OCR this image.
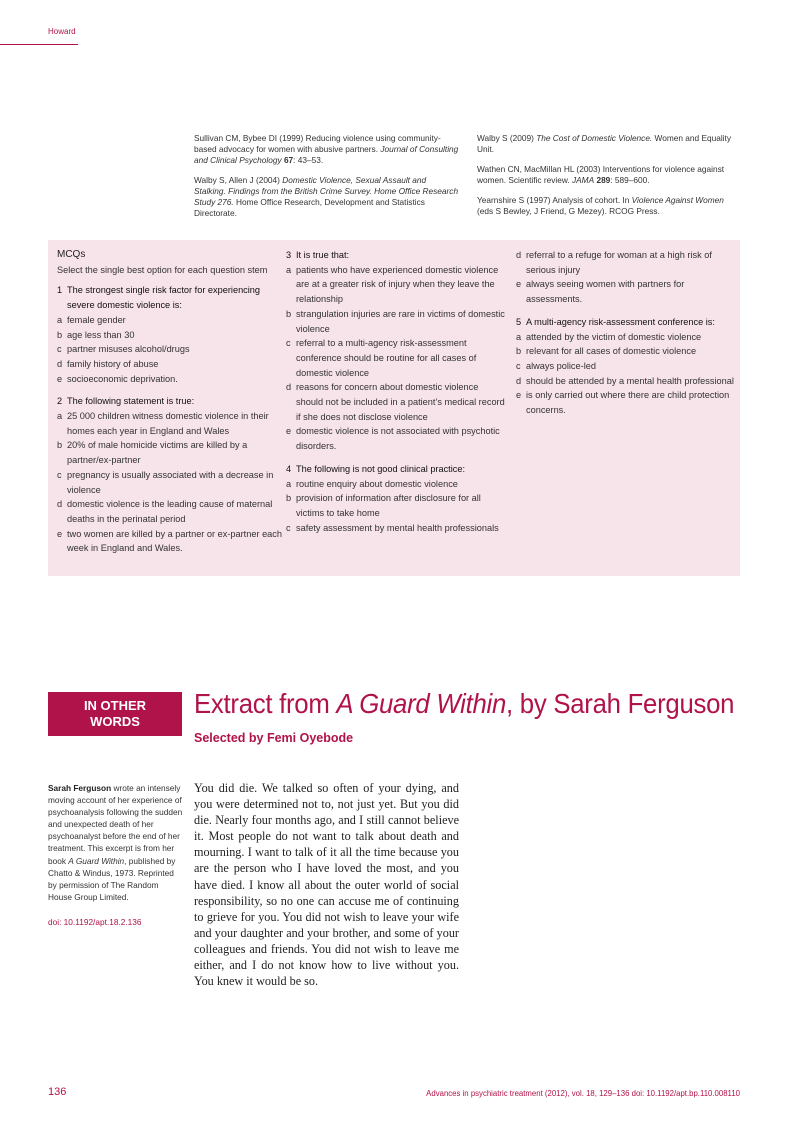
Howard

Sullivan CM, Bybee DI (1999) Reducing violence using community-based advocacy for women with abusive partners. Journal of Consulting and Clinical Psychology 67: 43–53.

Walby S, Allen J (2004) Domestic Violence, Sexual Assault and Stalking. Findings from the British Crime Survey. Home Office Research Study 276. Home Office Research, Development and Statistics Directorate.

Walby S (2009) The Cost of Domestic Violence. Women and Equality Unit.

Wathen CN, MacMillan HL (2003) Interventions for violence against women. Scientific review. JAMA 289: 589–600.

Yearnshire S (1997) Analysis of cohort. In Violence Against Women (eds S Bewley, J Friend, G Mezey). RCOG Press.

MCQs
Select the single best option for each question stem
1 The strongest single risk factor for experiencing severe domestic violence is:
a female gender
b age less than 30
c partner misuses alcohol/drugs
d family history of abuse
e socioeconomic deprivation.
2 The following statement is true:
a 25 000 children witness domestic violence in their homes each year in England and Wales
b 20% of male homicide victims are killed by a partner/ex-partner
c pregnancy is usually associated with a decrease in violence
d domestic violence is the leading cause of maternal deaths in the perinatal period
e two women are killed by a partner or ex-partner each week in England and Wales.
3 It is true that:
a patients who have experienced domestic violence are at a greater risk of injury when they leave the relationship
b strangulation injuries are rare in victims of domestic violence
c referral to a multi-agency risk-assessment conference should be routine for all cases of domestic violence
d reasons for concern about domestic violence should not be included in a patient’s medical record if she does not disclose violence
e domestic violence is not associated with psychotic disorders.
4 The following is not good clinical practice:
a routine enquiry about domestic violence
b provision of information after disclosure for all victims to take home
c safety assessment by mental health professionals
d referral to a refuge for woman at a high risk of serious injury
e always seeing women with partners for assessments.
5 A multi-agency risk-assessment conference is:
a attended by the victim of domestic violence
b relevant for all cases of domestic violence
c always police-led
d should be attended by a mental health professional
e is only carried out where there are child protection concerns.
IN OTHER WORDS
Extract from A Guard Within, by Sarah Ferguson
Selected by Femi Oyebode
Sarah Ferguson wrote an intensely moving account of her experience of psychoanalysis following the sudden and unexpected death of her psychoanalyst before the end of her treatment. This excerpt is from her book A Guard Within, published by Chatto & Windus, 1973. Reprinted by permission of The Random House Group Limited.
doi: 10.1192/apt.18.2.136
You did die. We talked so often of your dying, and you were determined not to, not just yet. But you did die. Nearly four months ago, and I still cannot believe it. Most people do not want to talk about death and mourning. I want to talk of it all the time because you are the person who I have loved the most, and you have died. I know all about the outer world of social responsibility, so no one can accuse me of continuing to grieve for you. You did not wish to leave your wife and your daughter and your brother, and some of your colleagues and friends. You did not wish to leave me either, and I do not know how to live without you. You knew it would be so.
136	Advances in psychiatric treatment (2012), vol. 18, 129–136 doi: 10.1192/apt.bp.110.008110
